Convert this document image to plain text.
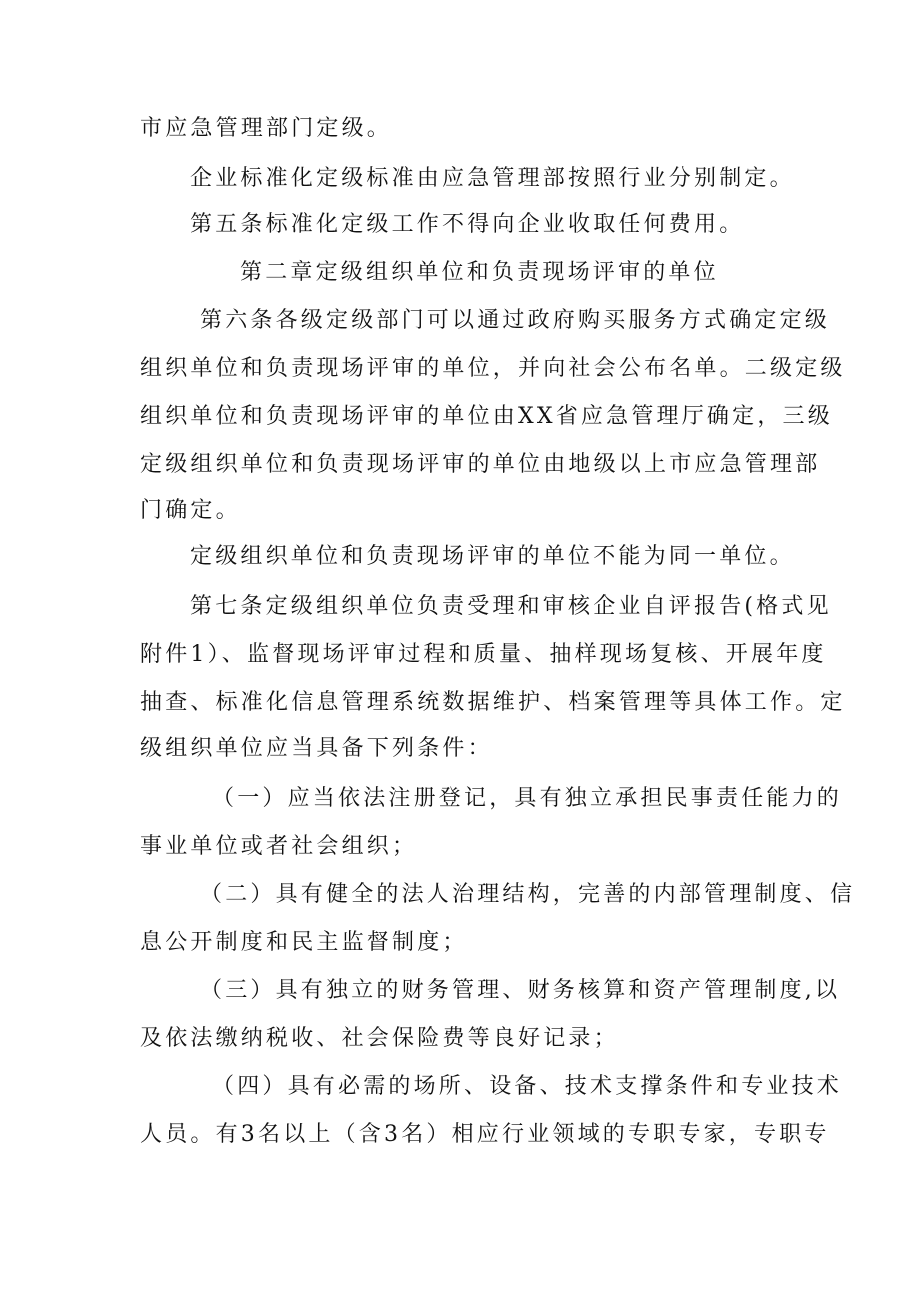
市应急管理部门定级。
企业标准化定级标准由应急管理部按照行业分别制定。
第五条标准化定级工作不得向企业收取任何费用。
第二章定级组织单位和负责现场评审的单位
第六条各级定级部门可以通过政府购买服务方式确定定级
组织单位和负责现场评审的单位，并向社会公布名单。二级定级
组织单位和负责现场评审的单位由XX省应急管理厅确定，三级
定级组织单位和负责现场评审的单位由地级以上市应急管理部
门确定。
定级组织单位和负责现场评审的单位不能为同一单位。
第七条定级组织单位负责受理和审核企业自评报告(格式见
附件1）、监督现场评审过程和质量、抽样现场复核、开展年度
抽查、标准化信息管理系统数据维护、档案管理等具体工作。定
级组织单位应当具备下列条件：
（一）应当依法注册登记，具有独立承担民事责任能力的
事业单位或者社会组织；
（二）具有健全的法人治理结构，完善的内部管理制度、信
息公开制度和民主监督制度；
（三）具有独立的财务管理、财务核算和资产管理制度,以
及依法缴纳税收、社会保险费等良好记录；
（四）具有必需的场所、设备、技术支撑条件和专业技术
人员。有3名以上（含3名）相应行业领域的专职专家，专职专
